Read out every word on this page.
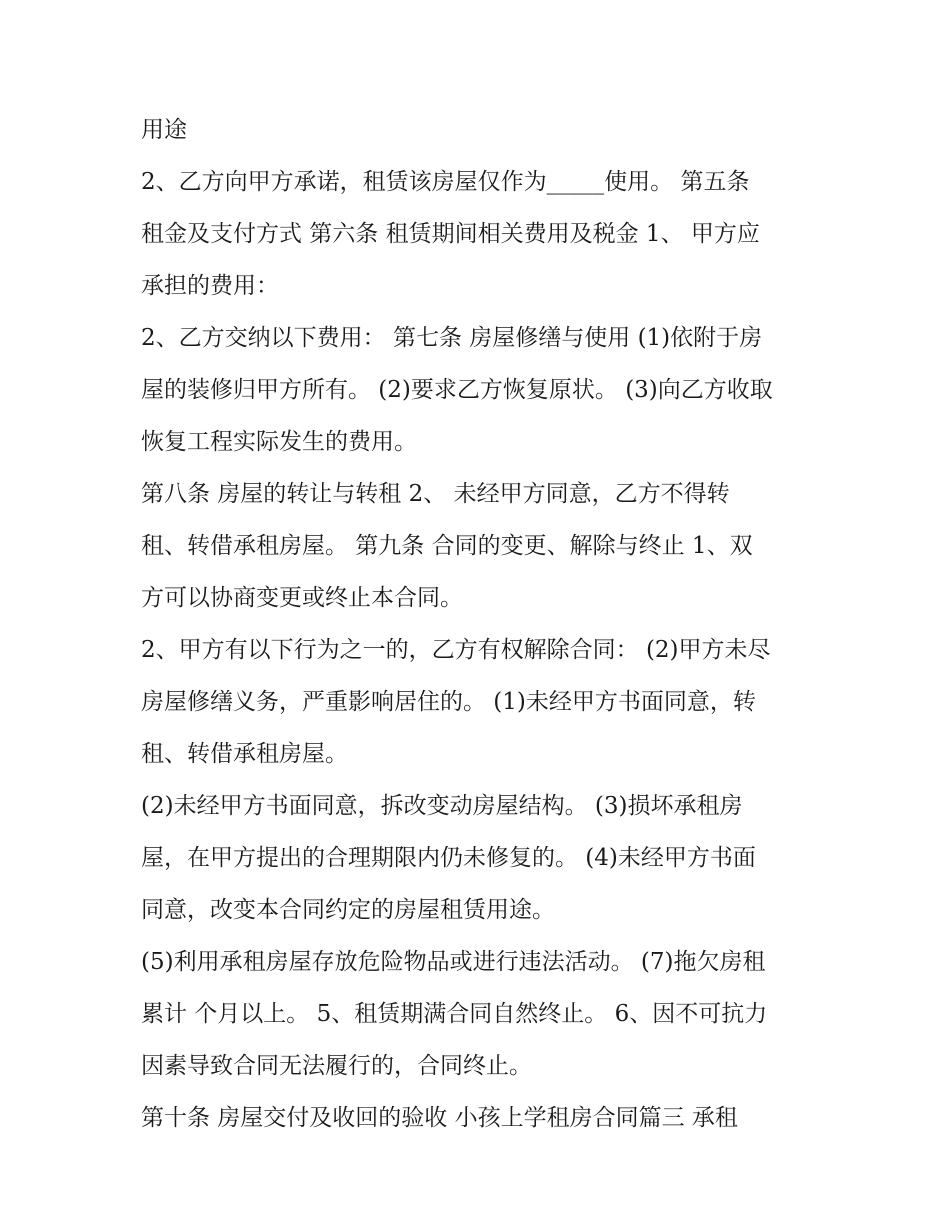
用途
2、乙方向甲方承诺，租赁该房屋仅作为_____使用。 第五条
租金及支付方式 第六条 租赁期间相关费用及税金 1、 甲方应
承担的费用：
2、乙方交纳以下费用： 第七条 房屋修缮与使用 (1)依附于房
屋的装修归甲方所有。 (2)要求乙方恢复原状。 (3)向乙方收取
恢复工程实际发生的费用。
第八条 房屋的转让与转租 2、 未经甲方同意，乙方不得转
租、转借承租房屋。 第九条 合同的变更、解除与终止 1、双
方可以协商变更或终止本合同。
2、甲方有以下行为之一的，乙方有权解除合同： (2)甲方未尽
房屋修缮义务，严重影响居住的。 (1)未经甲方书面同意，转
租、转借承租房屋。
(2)未经甲方书面同意，拆改变动房屋结构。 (3)损坏承租房
屋，在甲方提出的合理期限内仍未修复的。 (4)未经甲方书面
同意，改变本合同约定的房屋租赁用途。
(5)利用承租房屋存放危险物品或进行违法活动。 (7)拖欠房租
累计 个月以上。 5、租赁期满合同自然终止。 6、因不可抗力
因素导致合同无法履行的，合同终止。
第十条 房屋交付及收回的验收 小孩上学租房合同篇三 承租
